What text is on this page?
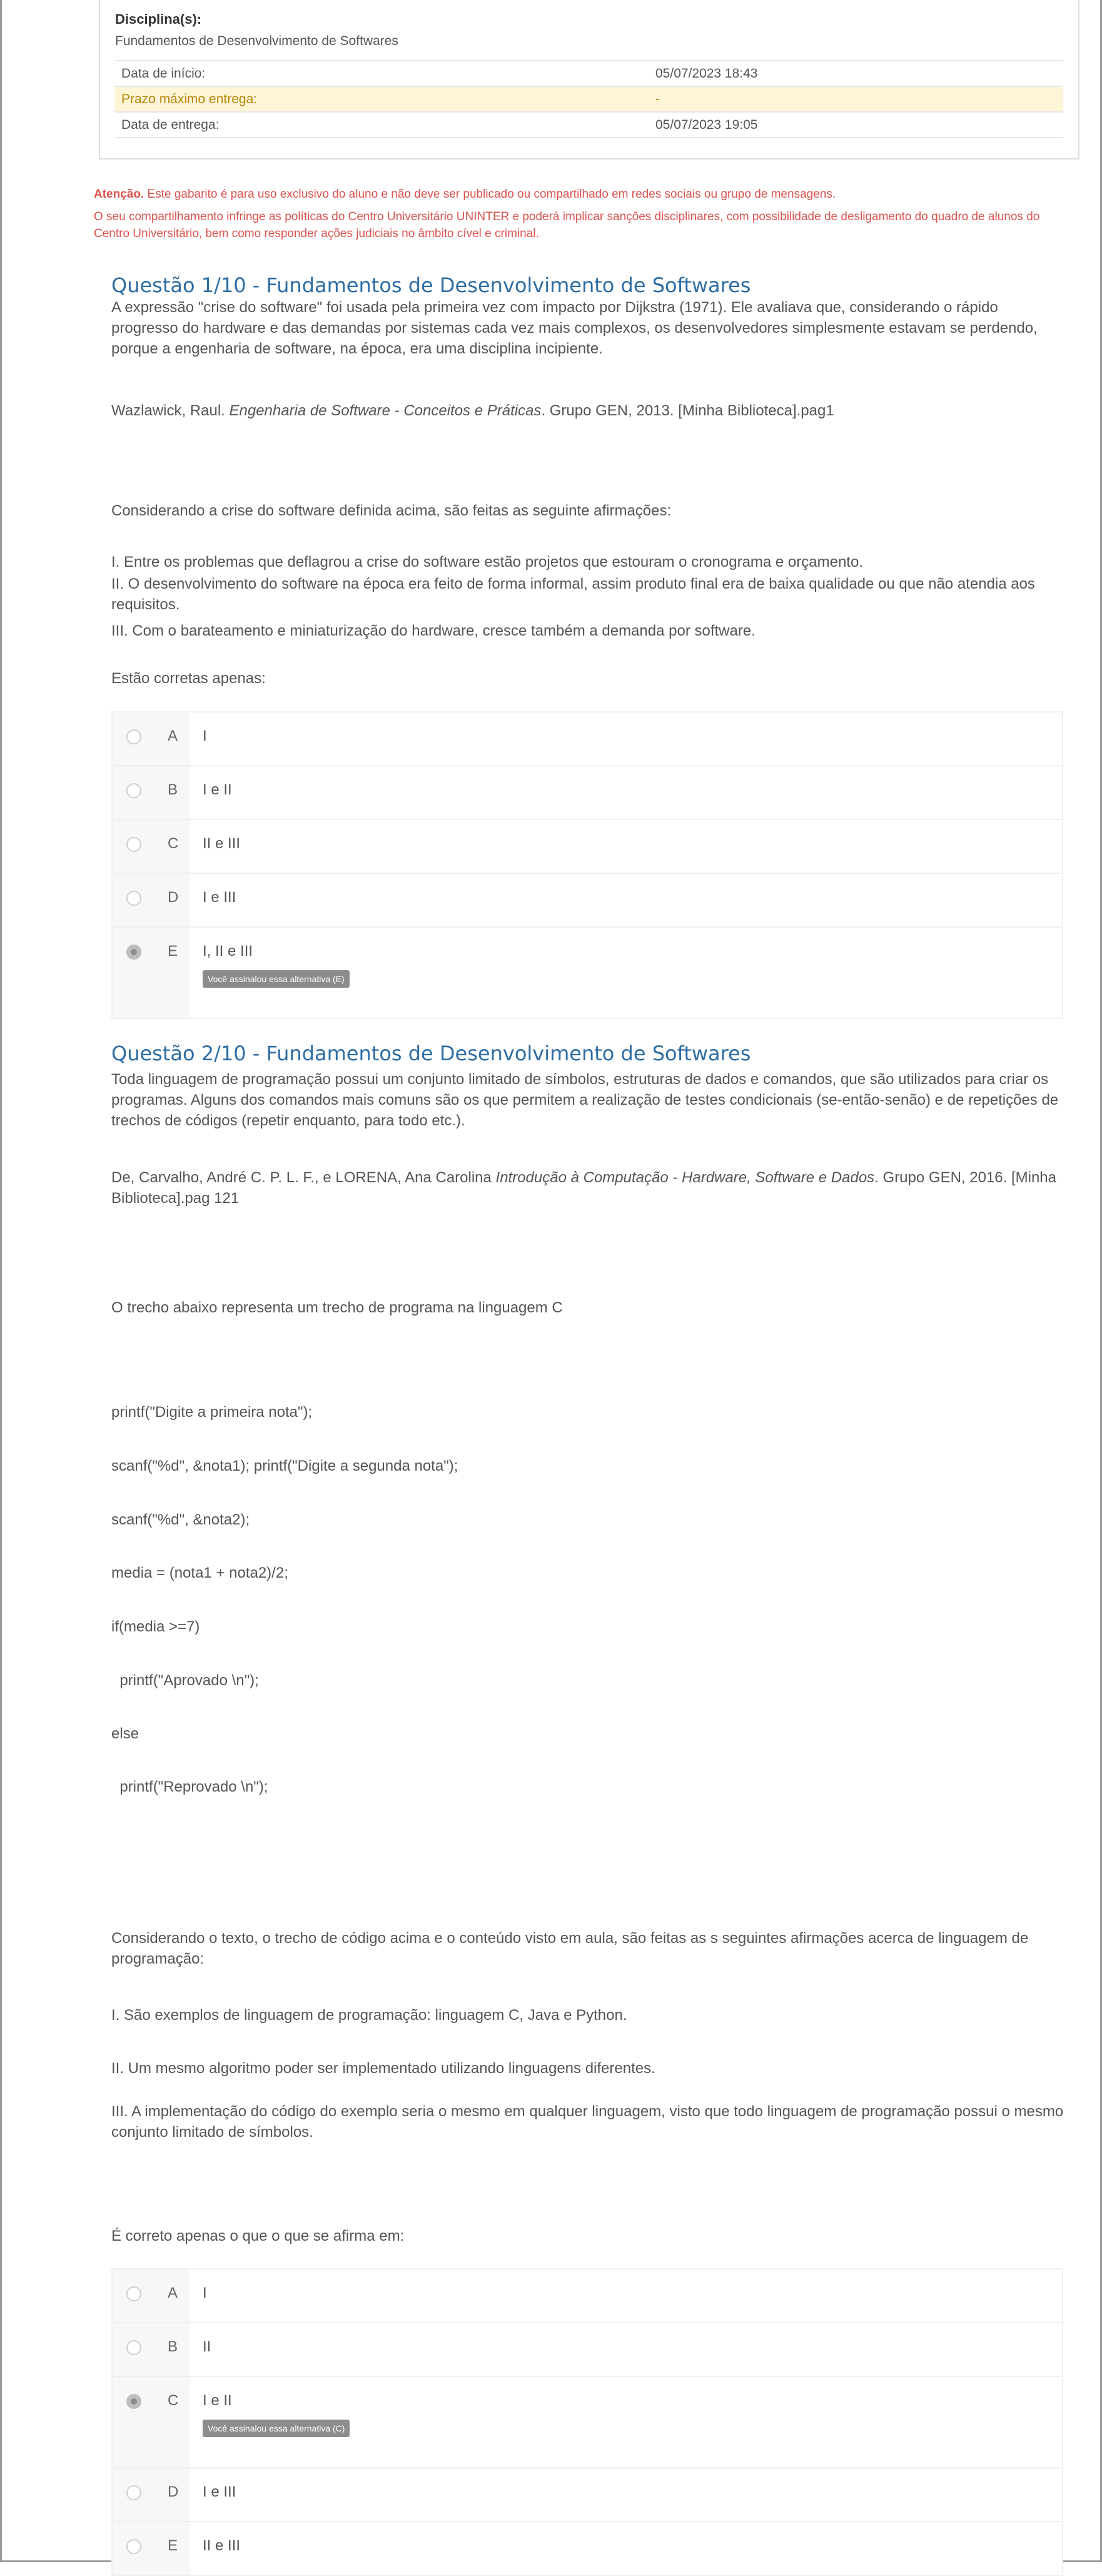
Disciplina(s):
Fundamentos de Desenvolvimento de Softwares
Data de início:	05/07/2023 18:43
Prazo máximo entrega:	-
Data de entrega:	05/07/2023 19:05
Atenção. Este gabarito é para uso exclusivo do aluno e não deve ser publicado ou compartilhado em redes sociais ou grupo de mensagens.
O seu compartilhamento infringe as políticas do Centro Universitário UNINTER e poderá implicar sanções disciplinares, com possibilidade de desligamento do quadro de alunos do Centro Universitário, bem como responder ações judiciais no âmbito cível e criminal.
Questão 1/10 - Fundamentos de Desenvolvimento de Softwares
A expressão "crise do software" foi usada pela primeira vez com impacto por Dijkstra (1971). Ele avaliava que, considerando o rápido progresso do hardware e das demandas por sistemas cada vez mais complexos, os desenvolvedores simplesmente estavam se perdendo, porque a engenharia de software, na época, era uma disciplina incipiente.
Wazlawick, Raul. Engenharia de Software - Conceitos e Práticas. Grupo GEN, 2013. [Minha Biblioteca].pag1
Considerando a crise do software definida acima, são feitas as seguinte afirmações:
I. Entre os problemas que deflagrou a crise do software estão projetos que estouram o cronograma e orçamento.
II. O desenvolvimento do software na época era feito de forma informal, assim produto final era de baixa qualidade ou que não atendia aos requisitos.
III. Com o barateamento e miniaturização do hardware, cresce também a demanda por software.
Estão corretas apenas:
A I
B I e II
C II e III
D I e III
E I, II e III
Você assinalou essa alternativa (E)
Questão 2/10 - Fundamentos de Desenvolvimento de Softwares
Toda linguagem de programação possui um conjunto limitado de símbolos, estruturas de dados e comandos, que são utilizados para criar os programas. Alguns dos comandos mais comuns são os que permitem a realização de testes condicionais (se-então-senão) e de repetições de trechos de códigos (repetir enquanto, para todo etc.).
De, Carvalho, André C. P. L. F., e LORENA, Ana Carolina Introdução à Computação - Hardware, Software e Dados. Grupo GEN, 2016. [Minha Biblioteca].pag 121
O trecho abaixo representa um trecho de programa na linguagem C
printf("Digite a primeira nota");
scanf("%d", &nota1); printf("Digite a segunda nota");
scanf("%d", &nota2);
media = (nota1 + nota2)/2;
if(media >=7)
printf("Aprovado \n");
else
printf("Reprovado \n");
Considerando o texto, o trecho de código acima e o conteúdo visto em aula, são feitas as s seguintes afirmações acerca de linguagem de programação:
I. São exemplos de linguagem de programação: linguagem C, Java e Python.
II. Um mesmo algoritmo poder ser implementado utilizando linguagens diferentes.
III. A implementação do código do exemplo seria o mesmo em qualquer linguagem, visto que todo linguagem de programação possui o mesmo conjunto limitado de símbolos.
É correto apenas o que o que se afirma em:
A I
B II
C I e II
Você assinalou essa alternativa (C)
D I e III
E II e III
